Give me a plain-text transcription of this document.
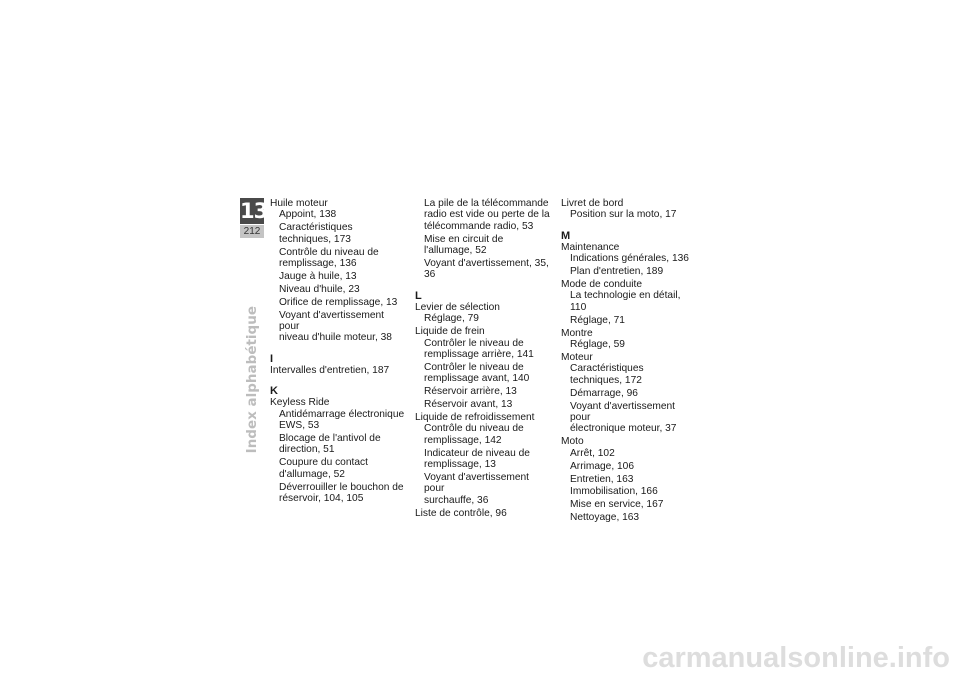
13
212
Index alphabétique
Huile moteur
Appoint, 138
Caractéristiques
techniques, 173
Contrôle du niveau de
remplissage, 136
Jauge à huile, 13
Niveau d'huile, 23
Orifice de remplissage, 13
Voyant d'avertissement pour
niveau d'huile moteur, 38
I
Intervalles d'entretien, 187
K
Keyless Ride
Antidémarrage électronique
EWS, 53
Blocage de l'antivol de
direction, 51
Coupure du contact
d'allumage, 52
Déverrouiller le bouchon de
réservoir, 104, 105
La pile de la télécommande
radio est vide ou perte de la
télécommande radio, 53
Mise en circuit de
l'allumage, 52
Voyant d'avertissement, 35, 36
L
Levier de sélection
Réglage, 79
Liquide de frein
Contrôler le niveau de
remplissage arrière, 141
Contrôler le niveau de
remplissage avant, 140
Réservoir arrière, 13
Réservoir avant, 13
Liquide de refroidissement
Contrôle du niveau de
remplissage, 142
Indicateur de niveau de
remplissage, 13
Voyant d'avertissement pour
surchauffe, 36
Liste de contrôle, 96
Livret de bord
Position sur la moto, 17
M
Maintenance
Indications générales, 136
Plan d'entretien, 189
Mode de conduite
La technologie en détail, 110
Réglage, 71
Montre
Réglage, 59
Moteur
Caractéristiques
techniques, 172
Démarrage, 96
Voyant d'avertissement pour
électronique moteur, 37
Moto
Arrêt, 102
Arrimage, 106
Entretien, 163
Immobilisation, 166
Mise en service, 167
Nettoyage, 163
carmanualsonline.info
